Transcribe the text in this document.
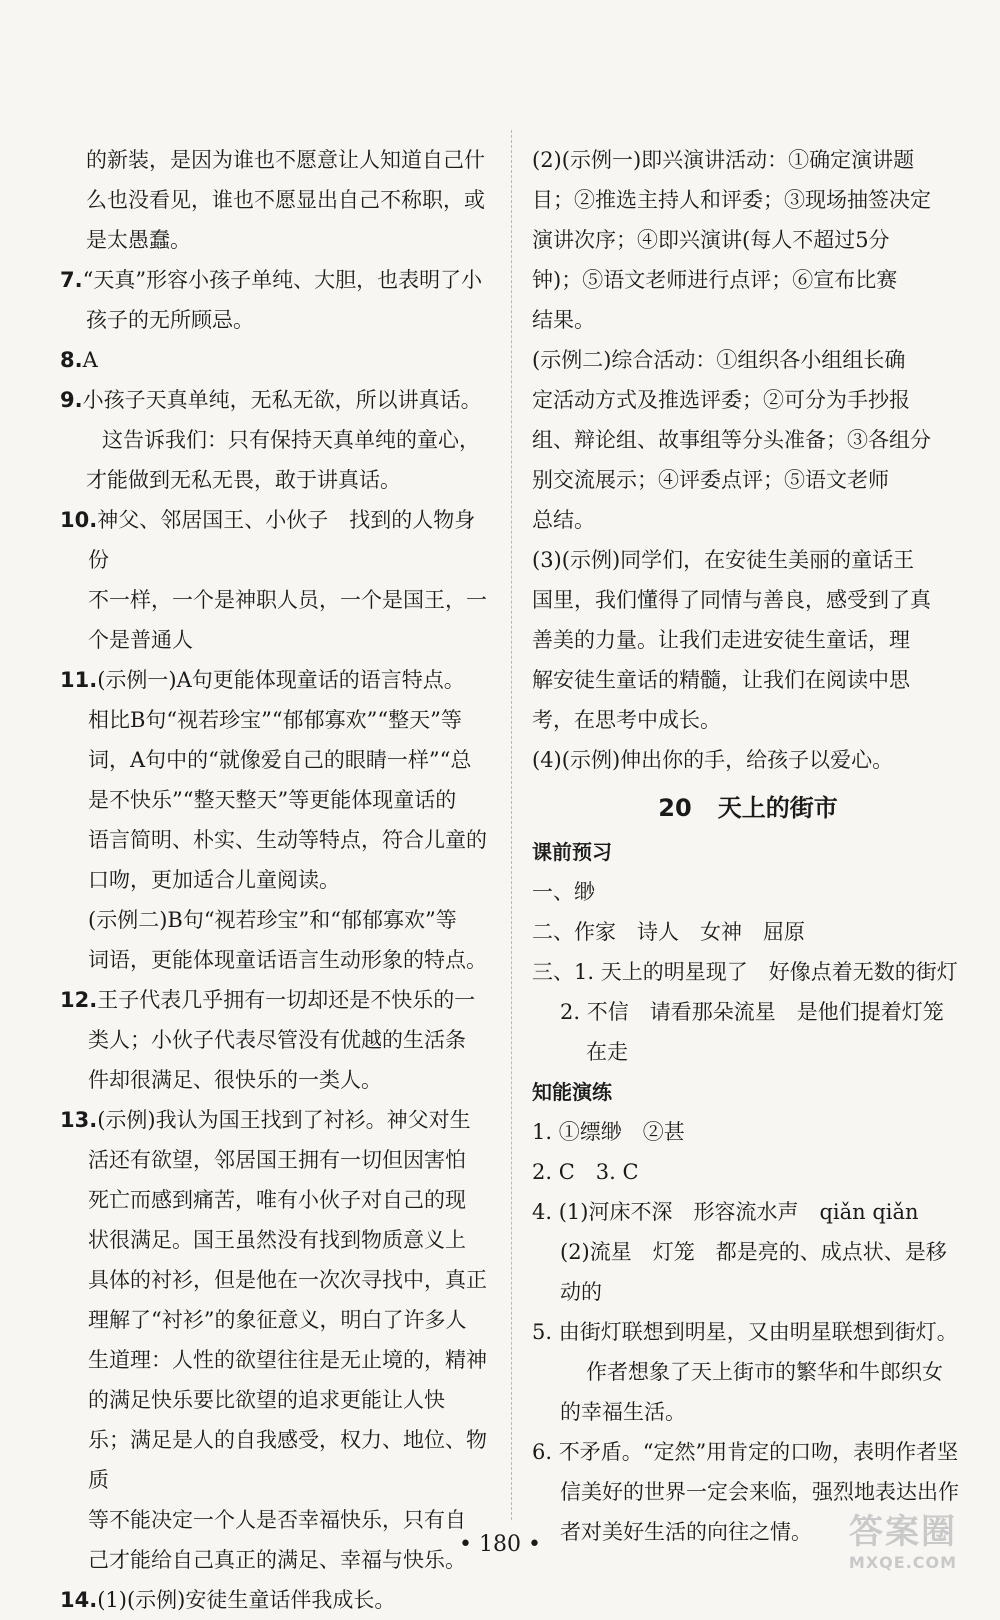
的新装，是因为谁也不愿意让人知道自己什
么也没看见，谁也不愿显出自己不称职，或
是太愚蠢。

7.“天真”形容小孩子单纯、大胆，也表明了小
孩子的无所顾忌。

8.A

9.小孩子天真单纯，无私无欲，所以讲真话。

这告诉我们：只有保持天真单纯的童心，
才能做到无私无畏，敢于讲真话。

10.神父、邻居国王、小伙子　找到的人物身份
不一样，一个是神职人员，一个是国王，一
个是普通人

11.(示例一)A句更能体现童话的语言特点。
相比B句“视若珍宝”“郁郁寡欢”“整天”等
词，A句中的“就像爱自己的眼睛一样”“总
是不快乐”“整天整天”等更能体现童话的
语言简明、朴实、生动等特点，符合儿童的
口吻，更加适合儿童阅读。

(示例二)B句“视若珍宝”和“郁郁寡欢”等
词语，更能体现童话语言生动形象的特点。

12.王子代表几乎拥有一切却还是不快乐的一
类人；小伙子代表尽管没有优越的生活条
件却很满足、很快乐的一类人。

13.(示例)我认为国王找到了衬衫。神父对生
活还有欲望，邻居国王拥有一切但因害怕
死亡而感到痛苦，唯有小伙子对自己的现
状很满足。国王虽然没有找到物质意义上
具体的衬衫，但是他在一次次寻找中，真正
理解了“衬衫”的象征意义，明白了许多人
生道理：人性的欲望往往是无止境的，精神
的满足快乐要比欲望的追求更能让人快
乐；满足是人的自我感受，权力、地位、物质
等不能决定一个人是否幸福快乐，只有自
己才能给自己真正的满足、幸福与快乐。

14.(1)(示例)安徒生童话伴我成长。

(2)(示例一)即兴演讲活动：①确定演讲题
目；②推选主持人和评委；③现场抽签决定
演讲次序；④即兴演讲(每人不超过5分
钟)；⑤语文老师进行点评；⑥宣布比赛
结果。

(示例二)综合活动：①组织各小组组长确
定活动方式及推选评委；②可分为手抄报
组、辩论组、故事组等分头准备；③各组分
别交流展示；④评委点评；⑤语文老师
总结。

(3)(示例)同学们，在安徒生美丽的童话王
国里，我们懂得了同情与善良，感受到了真
善美的力量。让我们走进安徒生童话，理
解安徒生童话的精髓，让我们在阅读中思
考，在思考中成长。

(4)(示例)伸出你的手，给孩子以爱心。

20 天上的街市

课前预习

一、缈

二、作家　诗人　女神　屈原

三、1. 天上的明星现了　好像点着无数的街灯
2. 不信　请看那朵流星　是他们提着灯笼
在走

知能演练

1. ①缥缈　②甚

2. C　3. C

4. (1)河床不深　形容流水声　qiǎn qiǎn
(2)流星　灯笼　都是亮的、成点状、是移
动的

5. 由街灯联想到明星，又由明星联想到街灯。
作者想象了天上街市的繁华和牛郎织女
的幸福生活。

6. 不矛盾。“定然”用肯定的口吻，表明作者坚
信美好的世界一定会来临，强烈地表达出作
者对美好生活的向往之情。

• 180 •	答案圈
MXQE.COM
